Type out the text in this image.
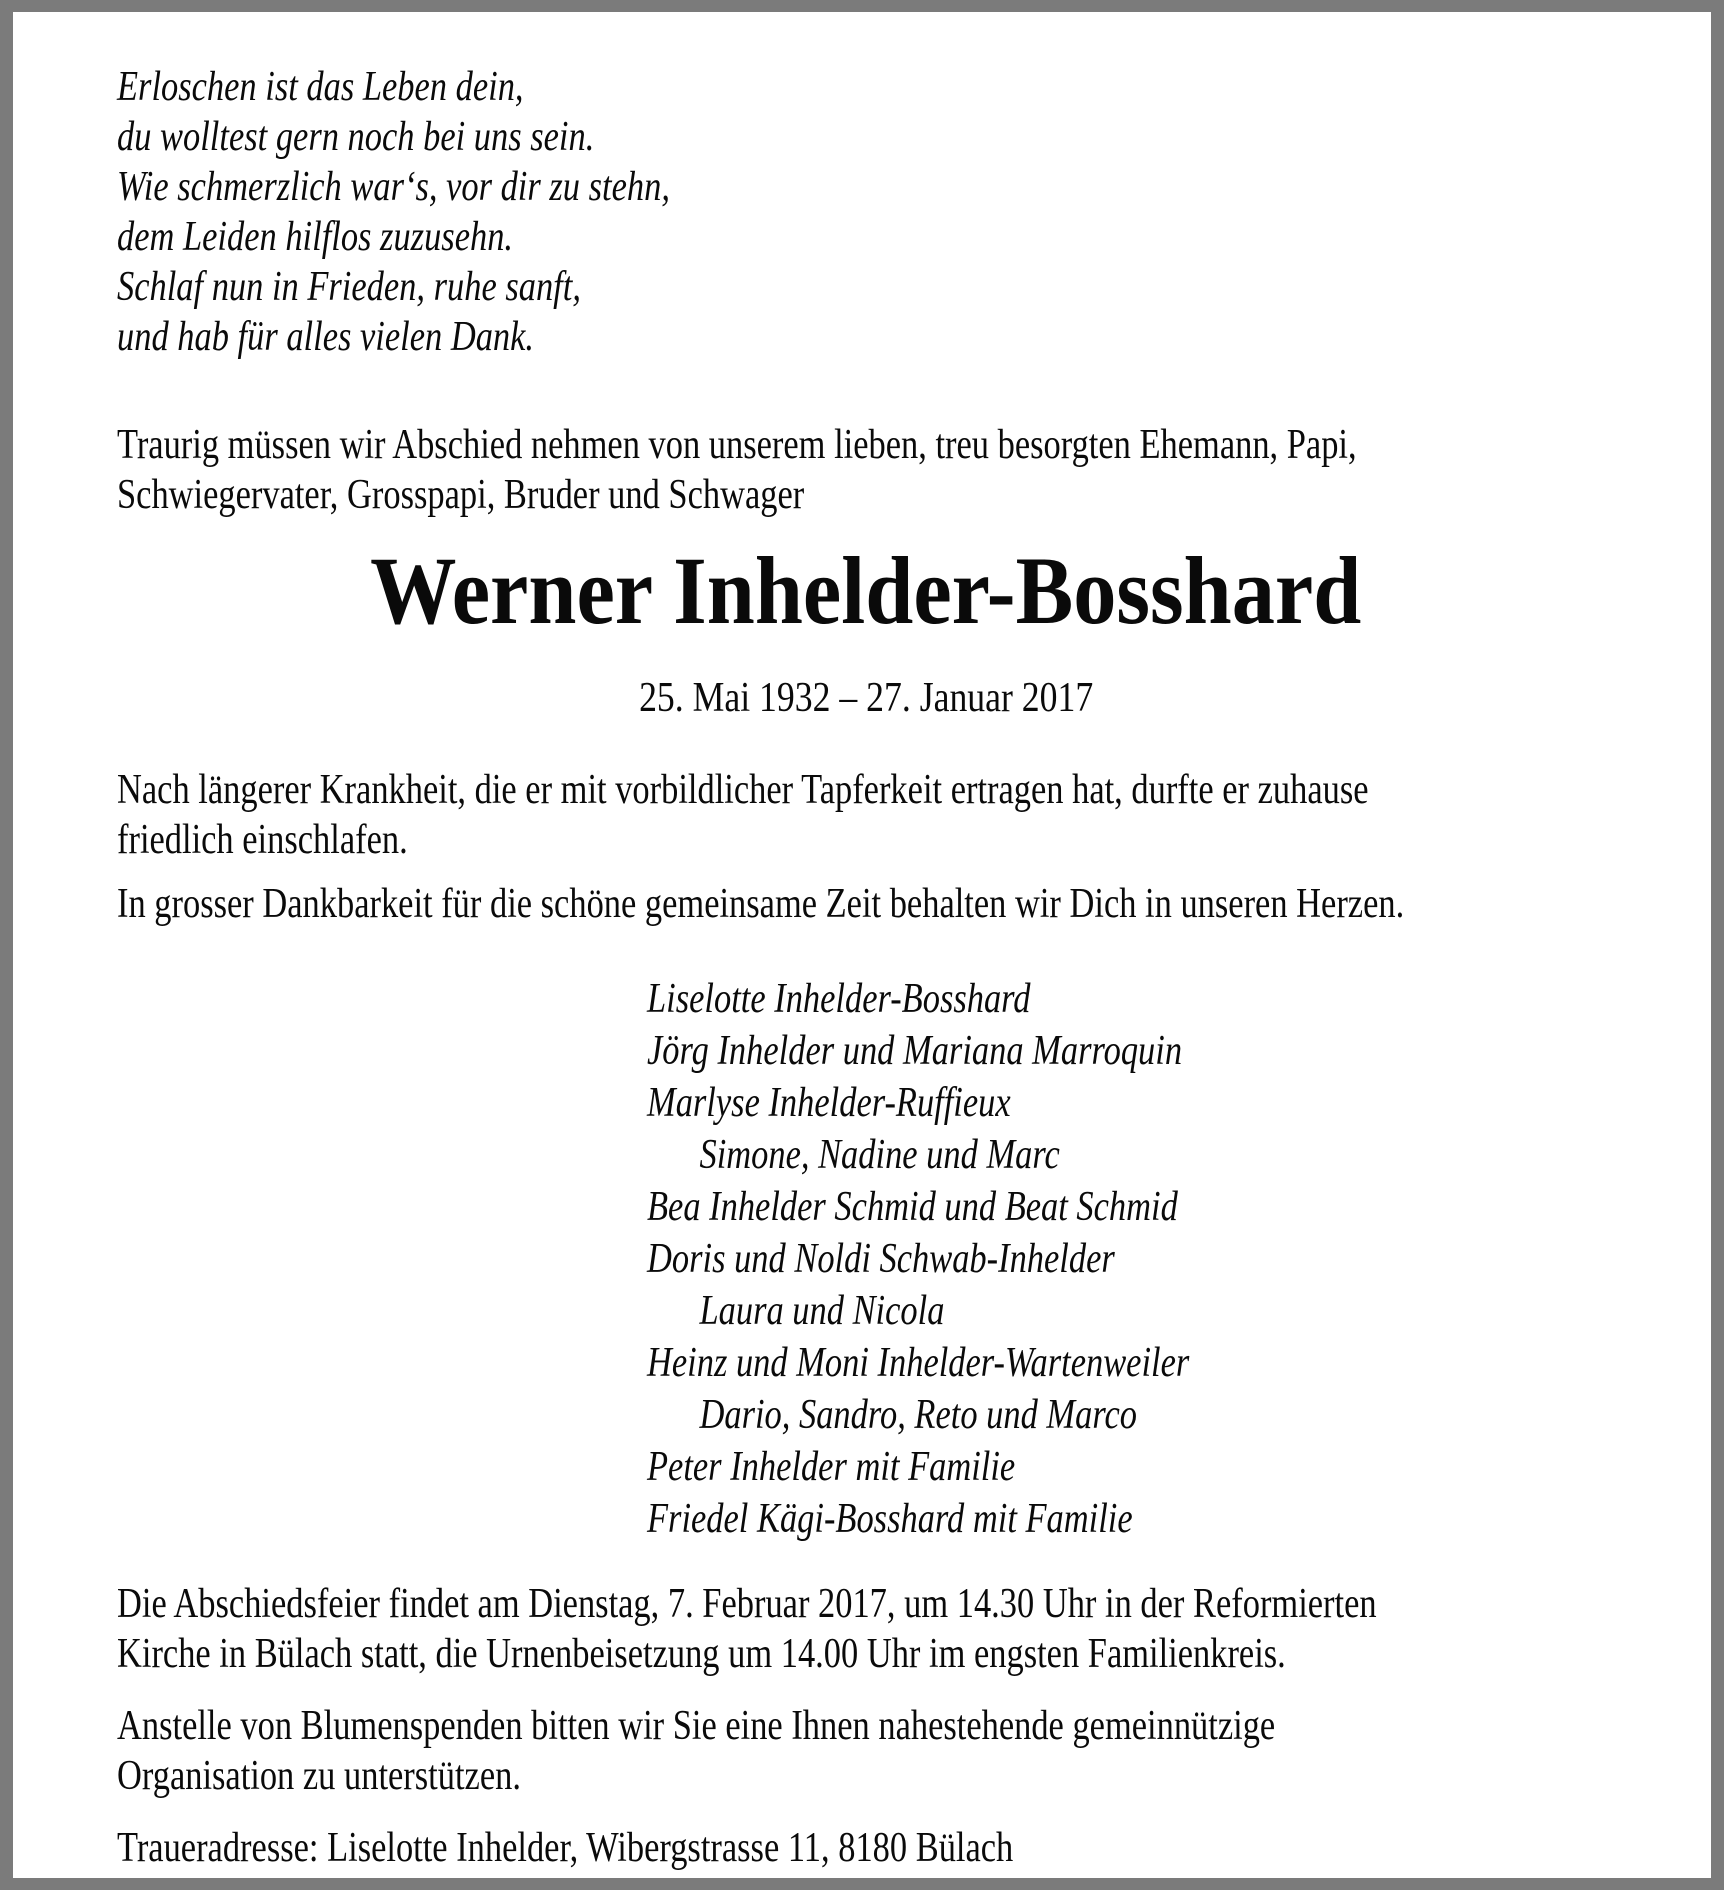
Erloschen ist das Leben dein,
du wolltest gern noch bei uns sein.
Wie schmerzlich war‘s, vor dir zu stehn,
dem Leiden hilflos zuzusehn.
Schlaf nun in Frieden, ruhe sanft,
und hab für alles vielen Dank.
Traurig müssen wir Abschied nehmen von unserem lieben, treu besorgten Ehemann, Papi,
Schwiegervater, Grosspapi, Bruder und Schwager
Werner Inhelder-Bosshard
25. Mai 1932 – 27. Januar 2017
Nach längerer Krankheit, die er mit vorbildlicher Tapferkeit ertragen hat, durfte er zuhause
friedlich einschlafen.
In grosser Dankbarkeit für die schöne gemeinsame Zeit behalten wir Dich in unseren Herzen.
Liselotte Inhelder-Bosshard
Jörg Inhelder und Mariana Marroquin
Marlyse Inhelder-Ruffieux
Simone, Nadine und Marc
Bea Inhelder Schmid und Beat Schmid
Doris und Noldi Schwab-Inhelder
Laura und Nicola
Heinz und Moni Inhelder-Wartenweiler
Dario, Sandro, Reto und Marco
Peter Inhelder mit Familie
Friedel Kägi-Bosshard mit Familie
Die Abschiedsfeier findet am Dienstag, 7. Februar 2017, um 14.30 Uhr in der Reformierten
Kirche in Bülach statt, die Urnenbeisetzung um 14.00 Uhr im engsten Familienkreis.
Anstelle von Blumenspenden bitten wir Sie eine Ihnen nahestehende gemeinnützige
Organisation zu unterstützen.
Traueradresse: Liselotte Inhelder, Wibergstrasse 11, 8180 Bülach
